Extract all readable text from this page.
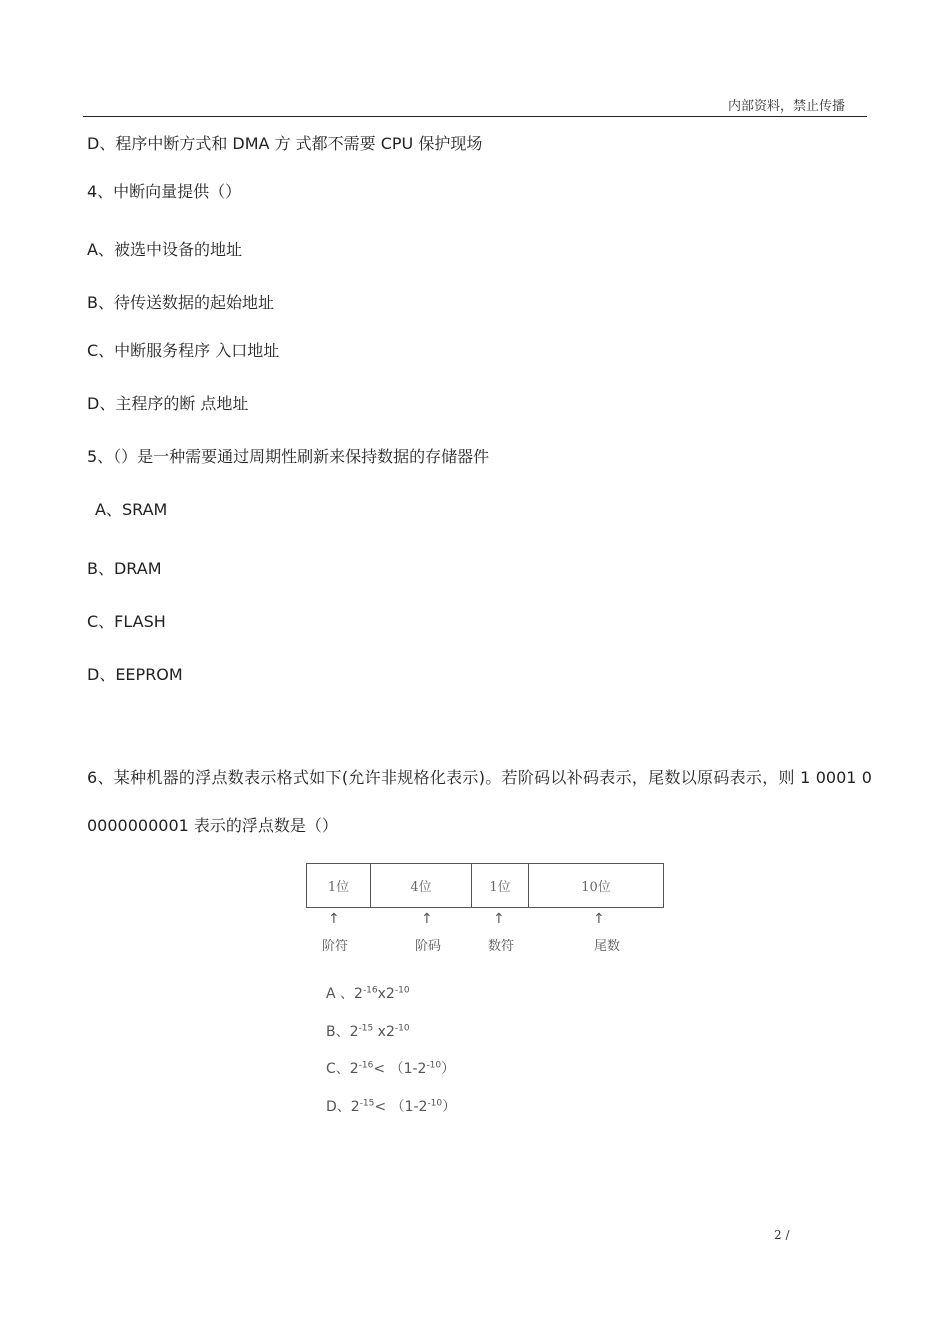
内部资料，禁止传播
D、程序中断方式和 DMA 方 式都不需要 CPU 保护现场
4、中断向量提供（）
A、被选中设备的地址
B、待传送数据的起始地址
C、中断服务程序 入口地址
D、主程序的断 点地址
5、（）是一种需要通过周期性刷新来保持数据的存储器件
A、SRAM
B、DRAM
C、FLASH
D、EEPROM
6、某种机器的浮点数表示格式如下(允许非规格化表示)。若阶码以补码表示，尾数以原码表示，则 1 0001 0 0000000001 表示的浮点数是（）
1位	4位	1位	10位
↑	↑	↑	↑
阶符	阶码	数符	尾数
A 、$2^{-16}x2^{-10}$
B、$2^{-15}$ $x2^{-10}$
C、$2^{-16}< (1-2^{-10})$
D、$2^{-15}< (1-2^{-10})$
2 /
